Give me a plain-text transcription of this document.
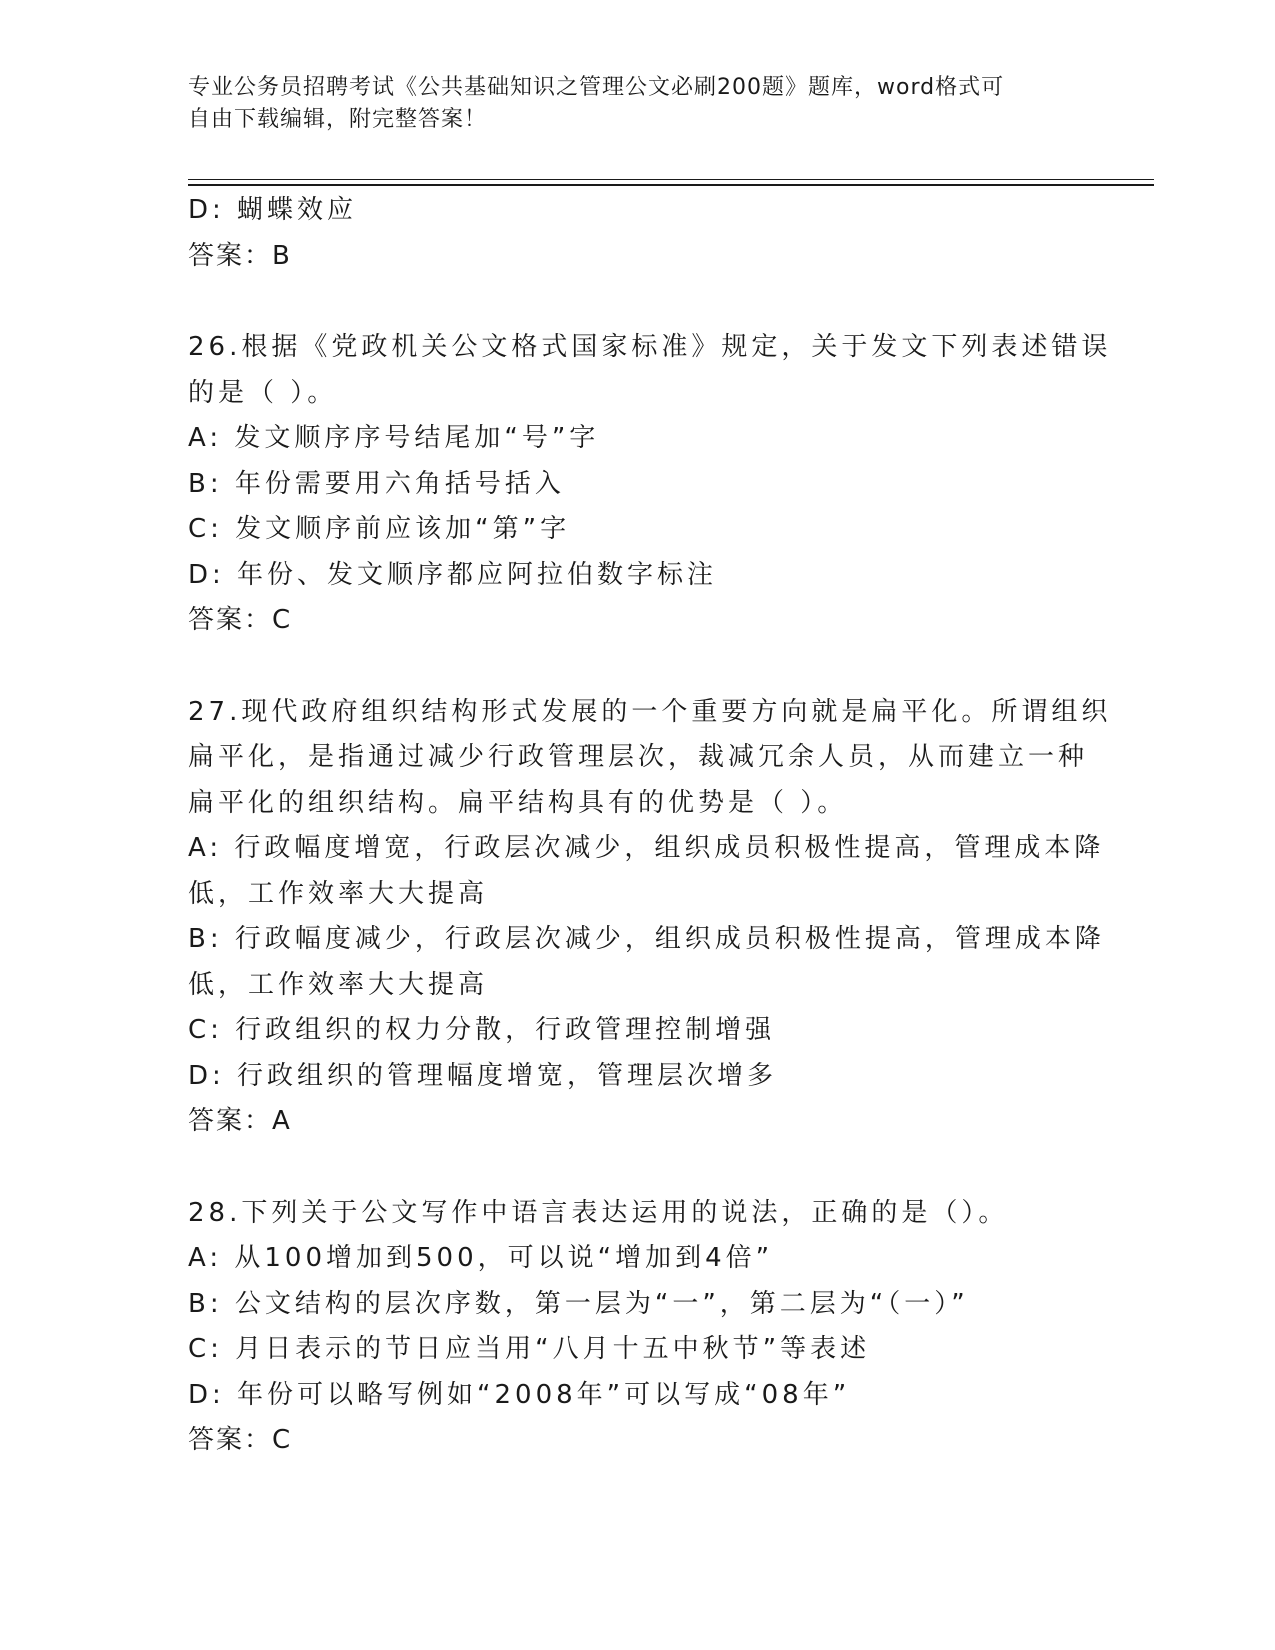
专业公务员招聘考试《公共基础知识之管理公文必刷200题》题库，word格式可
自由下载编辑，附完整答案！
D: 蝴蝶效应
答案：B
26.根据《党政机关公文格式国家标准》规定，关于发文下列表述错误
的是（ ）。
A: 发文顺序序号结尾加“号”字
B: 年份需要用六角括号括入
C: 发文顺序前应该加“第”字
D: 年份、发文顺序都应阿拉伯数字标注
答案：C
27.现代政府组织结构形式发展的一个重要方向就是扁平化。所谓组织
扁平化，是指通过减少行政管理层次，裁减冗余人员，从而建立一种
扁平化的组织结构。扁平结构具有的优势是（ ）。
A: 行政幅度增宽，行政层次减少，组织成员积极性提高，管理成本降
低，工作效率大大提高
B: 行政幅度减少，行政层次减少，组织成员积极性提高，管理成本降
低，工作效率大大提高
C: 行政组织的权力分散，行政管理控制增强
D: 行政组织的管理幅度增宽，管理层次增多
答案：A
28.下列关于公文写作中语言表达运用的说法，正确的是（）。
A: 从100增加到500，可以说“增加到4倍”
B: 公文结构的层次序数，第一层为“一”，第二层为“（一）”
C: 月日表示的节日应当用“八月十五中秋节”等表述
D: 年份可以略写例如“2008年”可以写成“08年”
答案：C
